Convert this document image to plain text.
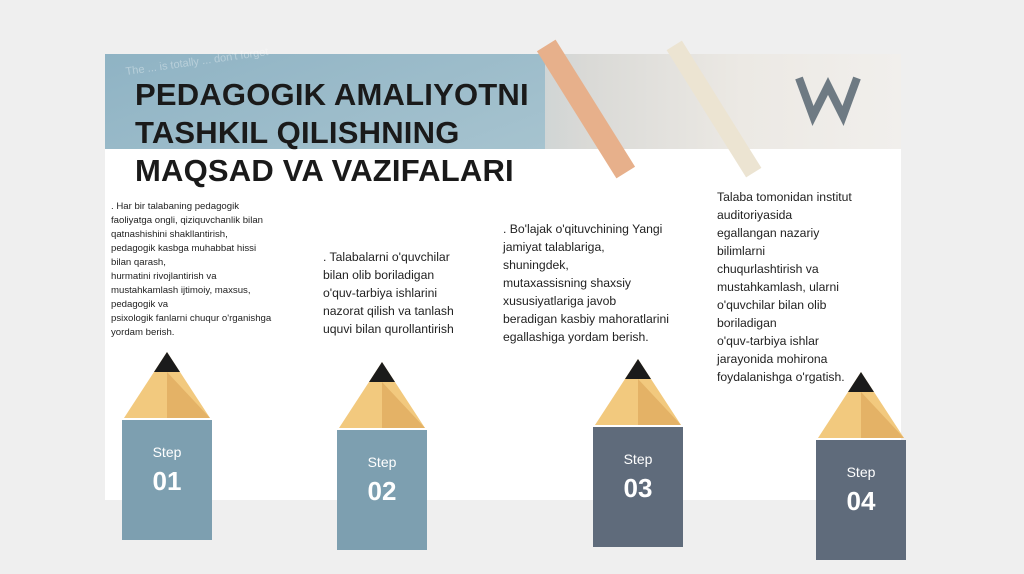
The ... is totally ... don't forget
PEDAGOGIK AMALIYOTNI
TASHKIL QILISHNING
MAQSAD VA VAZIFALARI

. Har bir talabaning pedagogik
faoliyatga ongli, qiziquvchanlik bilan
qatnashishini shakllantirish,
pedagogik kasbga muhabbat hissi
bilan qarash,
hurmatini rivojlantirish va
mustahkamlash ijtimoiy, maxsus,
pedagogik va
psixologik fanlarni chuqur o'rganishga
yordam berish.

. Talabalarni o'quvchilar
bilan olib boriladigan
o'quv-tarbiya ishlarini
nazorat qilish va tanlash
uquvi bilan qurollantirish

. Bo'lajak o'qituvchining Yangi
jamiyat talablariga,
shuningdek,
mutaxassisning shaxsiy
xususiyatlariga javob
beradigan kasbiy mahoratlarini
egallashiga yordam berish.

Talaba tomonidan institut
auditoriyasida
egallangan nazariy
bilimlarni
chuqurlashtirish va
mustahkamlash, ularni
o'quvchilar bilan olib
boriladigan
o'quv-tarbiya ishlar
jarayonida mohirona
foydalanishga o'rgatish.

Step
01
Step
02
Step
03
Step
04
